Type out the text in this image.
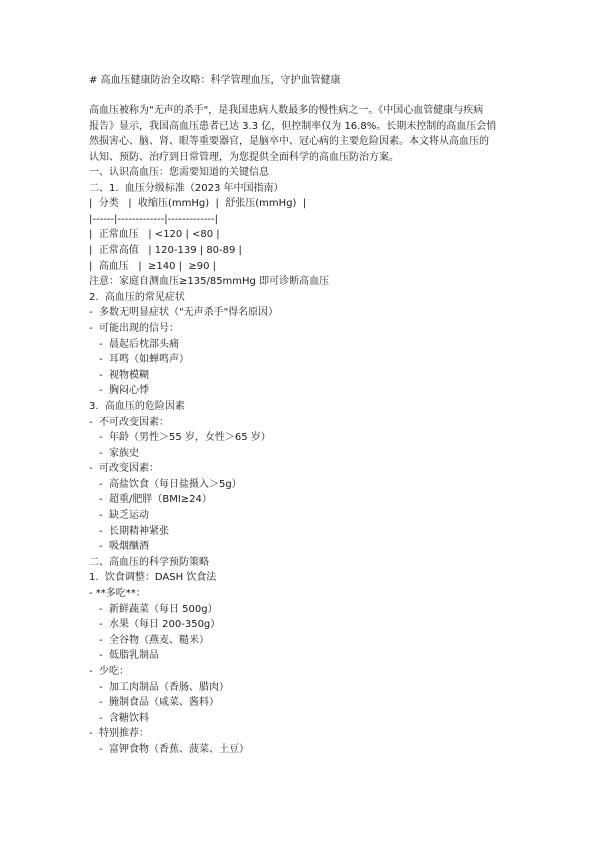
# 高血压健康防治全攻略：科学管理血压，守护血管健康
高血压被称为"无声的杀手"，是我国患病人数最多的慢性病之一。《中国心血管健康与疾病
报告》显示，我国高血压患者已达 3.3 亿，但控制率仅为 16.8%。长期未控制的高血压会悄
然损害心、脑、肾、眼等重要器官，是脑卒中、冠心病的主要危险因素。本文将从高血压的
认知、预防、治疗到日常管理，为您提供全面科学的高血压防治方案。
一、认识高血压：您需要知道的关键信息
二、1.  血压分级标准（2023 年中国指南）
|  分类   |  收缩压(mmHg)  |  舒张压(mmHg)  |
|------|-------------|-------------|
|  正常血压   | <120 | <80 |
|  正常高值   | 120-139 | 80-89 |
|  高血压   |  ≥140 |  ≥90 |
注意：家庭自测血压≥135/85mmHg 即可诊断高血压
2.  高血压的常见症状
-  多数无明显症状（"无声杀手"得名原因）
-  可能出现的信号：
-  晨起后枕部头痛
-  耳鸣（如蝉鸣声）
-  视物模糊
-  胸闷心悸
3.  高血压的危险因素
-  不可改变因素：
-  年龄（男性＞55 岁，女性＞65 岁）
-  家族史
-  可改变因素：
-  高盐饮食（每日盐摄入＞5g）
-  超重/肥胖（BMI≥24）
-  缺乏运动
-  长期精神紧张
-  吸烟酗酒
二、高血压的科学预防策略
1.  饮食调整：DASH 饮食法
- **多吃**：
-  新鲜蔬菜（每日 500g）
-  水果（每日 200-350g）
-  全谷物（燕麦、糙米）
-  低脂乳制品
-  少吃：
-  加工肉制品（香肠、腊肉）
-  腌制食品（咸菜、酱料）
-  含糖饮料
-  特别推荐：
-  富钾食物（香蕉、菠菜、土豆）
